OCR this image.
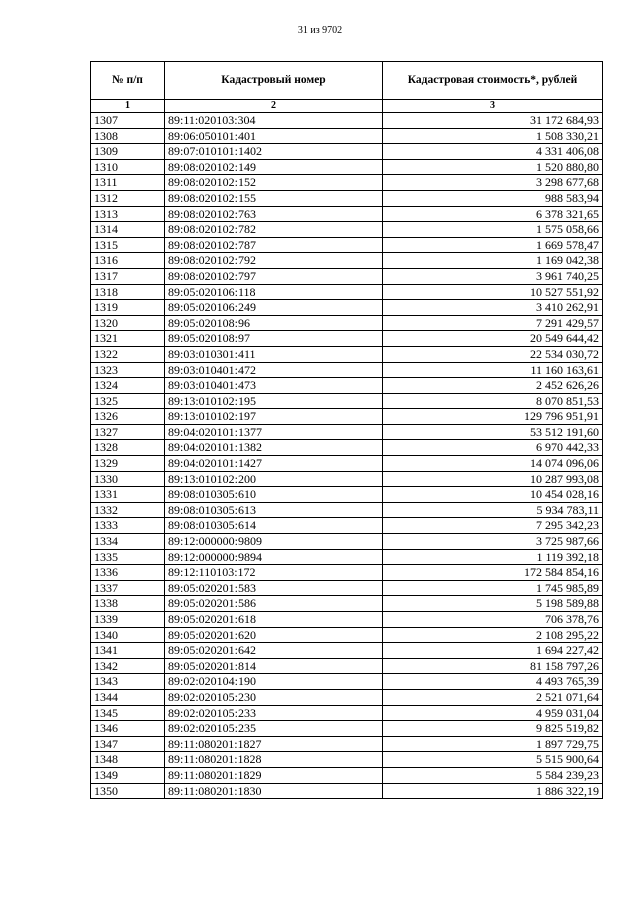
31 из 9702
№ п/п	Кадастровый номер	Кадастровая стоимость*, рублей
1	2	3
1307	89:11:020103:304	31 172 684,93
1308	89:06:050101:401	1 508 330,21
1309	89:07:010101:1402	4 331 406,08
1310	89:08:020102:149	1 520 880,80
1311	89:08:020102:152	3 298 677,68
1312	89:08:020102:155	988 583,94
1313	89:08:020102:763	6 378 321,65
1314	89:08:020102:782	1 575 058,66
1315	89:08:020102:787	1 669 578,47
1316	89:08:020102:792	1 169 042,38
1317	89:08:020102:797	3 961 740,25
1318	89:05:020106:118	10 527 551,92
1319	89:05:020106:249	3 410 262,91
1320	89:05:020108:96	7 291 429,57
1321	89:05:020108:97	20 549 644,42
1322	89:03:010301:411	22 534 030,72
1323	89:03:010401:472	11 160 163,61
1324	89:03:010401:473	2 452 626,26
1325	89:13:010102:195	8 070 851,53
1326	89:13:010102:197	129 796 951,91
1327	89:04:020101:1377	53 512 191,60
1328	89:04:020101:1382	6 970 442,33
1329	89:04:020101:1427	14 074 096,06
1330	89:13:010102:200	10 287 993,08
1331	89:08:010305:610	10 454 028,16
1332	89:08:010305:613	5 934 783,11
1333	89:08:010305:614	7 295 342,23
1334	89:12:000000:9809	3 725 987,66
1335	89:12:000000:9894	1 119 392,18
1336	89:12:110103:172	172 584 854,16
1337	89:05:020201:583	1 745 985,89
1338	89:05:020201:586	5 198 589,88
1339	89:05:020201:618	706 378,76
1340	89:05:020201:620	2 108 295,22
1341	89:05:020201:642	1 694 227,42
1342	89:05:020201:814	81 158 797,26
1343	89:02:020104:190	4 493 765,39
1344	89:02:020105:230	2 521 071,64
1345	89:02:020105:233	4 959 031,04
1346	89:02:020105:235	9 825 519,82
1347	89:11:080201:1827	1 897 729,75
1348	89:11:080201:1828	5 515 900,64
1349	89:11:080201:1829	5 584 239,23
1350	89:11:080201:1830	1 886 322,19
